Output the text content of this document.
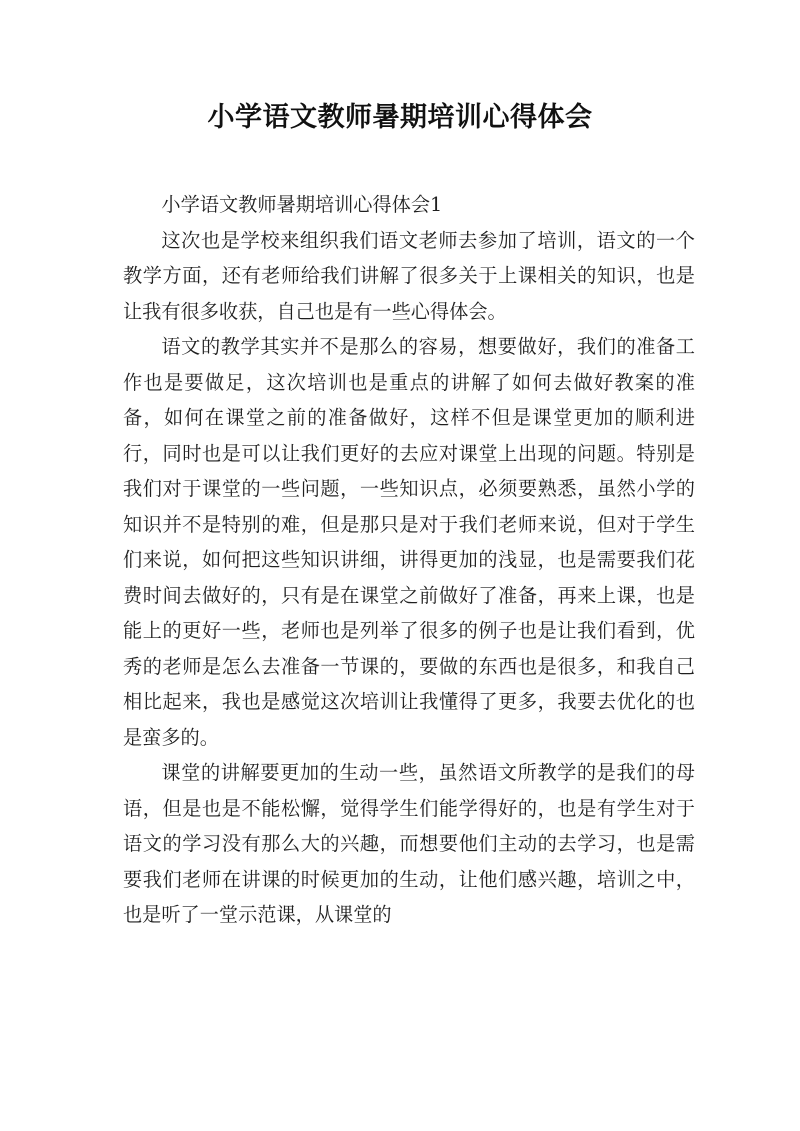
小学语文教师暑期培训心得体会

小学语文教师暑期培训心得体会1

这次也是学校来组织我们语文老师去参加了培训，语文的一个教学方面，还有老师给我们讲解了很多关于上课相关的知识，也是让我有很多收获，自己也是有一些心得体会。

语文的教学其实并不是那么的容易，想要做好，我们的准备工作也是要做足，这次培训也是重点的讲解了如何去做好教案的准备，如何在课堂之前的准备做好，这样不但是课堂更加的顺利进行，同时也是可以让我们更好的去应对课堂上出现的问题。特别是我们对于课堂的一些问题，一些知识点，必须要熟悉，虽然小学的知识并不是特别的难，但是那只是对于我们老师来说，但对于学生们来说，如何把这些知识讲细，讲得更加的浅显，也是需要我们花费时间去做好的，只有是在课堂之前做好了准备，再来上课，也是能上的更好一些，老师也是列举了很多的例子也是让我们看到，优秀的老师是怎么去准备一节课的，要做的东西也是很多，和我自己相比起来，我也是感觉这次培训让我懂得了更多，我要去优化的也是蛮多的。

课堂的讲解要更加的生动一些，虽然语文所教学的是我们的母语，但是也是不能松懈，觉得学生们能学得好的，也是有学生对于语文的学习没有那么大的兴趣，而想要他们主动的去学习，也是需要我们老师在讲课的时候更加的生动，让他们感兴趣，培训之中，也是听了一堂示范课，从课堂的
